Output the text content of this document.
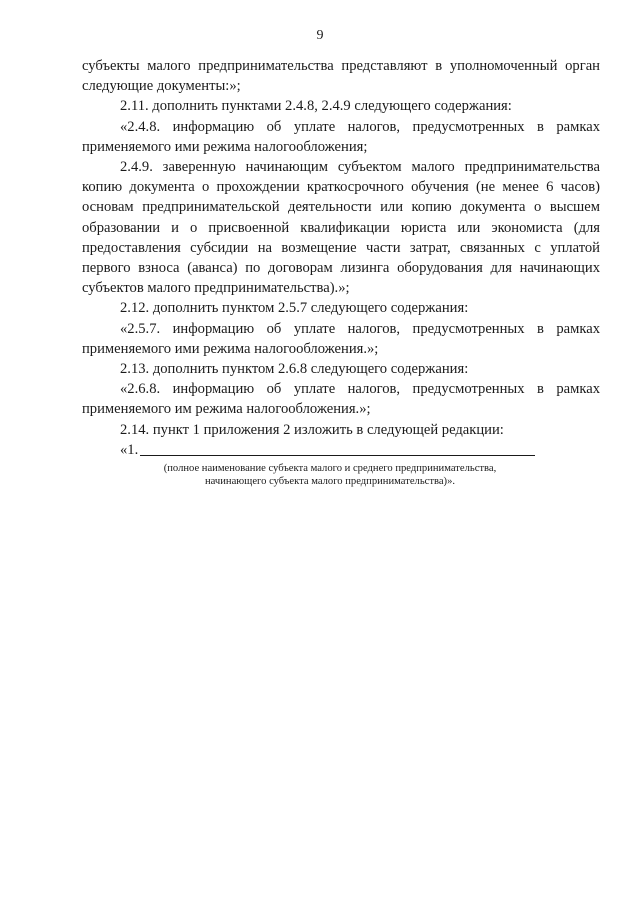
9

субъекты малого предпринимательства представляют в уполномоченный орган следующие документы:»;

2.11. дополнить пунктами 2.4.8, 2.4.9 следующего содержания:

«2.4.8. информацию об уплате налогов, предусмотренных в рамках применяемого ими режима налогообложения;

2.4.9. заверенную начинающим субъектом малого предпринимательства копию документа о прохождении краткосрочного обучения (не менее 6 часов) основам предпринимательской деятельности или копию документа о высшем образовании и о присвоенной квалификации юриста или экономиста (для предоставления субсидии на возмещение части затрат, связанных с уплатой первого взноса (аванса) по договорам лизинга оборудования для начинающих субъектов малого предпринимательства).»;

2.12. дополнить пунктом 2.5.7 следующего содержания:

«2.5.7. информацию об уплате налогов, предусмотренных в рамках применяемого ими режима налогообложения.»;

2.13. дополнить пунктом 2.6.8 следующего содержания:

«2.6.8. информацию об уплате налогов, предусмотренных в рамках применяемого им режима налогообложения.»;

2.14. пункт 1 приложения 2 изложить в следующей редакции:

«1.
(полное наименование субъекта малого и среднего предпринимательства,
начинающего субъекта малого предпринимательства)».
